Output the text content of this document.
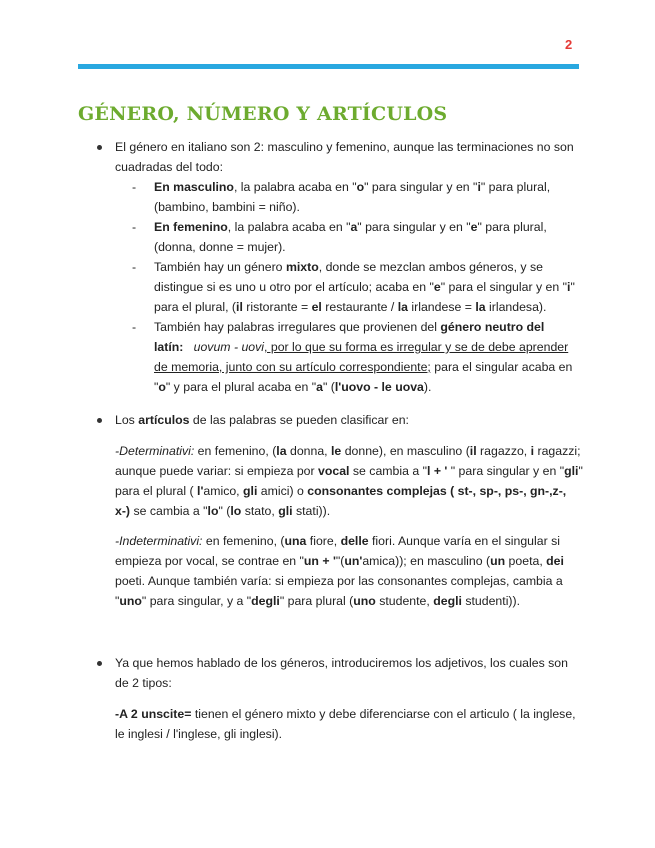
2
GÉNERO, NÚMERO Y ARTÍCULOS
El género en italiano son 2: masculino y femenino, aunque las terminaciones no son cuadradas del todo:
- En masculino, la palabra acaba en "o" para singular y en "i" para plural, (bambino, bambini = niño).
- En femenino, la palabra acaba en "a" para singular y en "e" para plural, (donna, donne = mujer).
- También hay un género mixto, donde se mezclan ambos géneros, y se distingue si es uno u otro por el artículo; acaba en "e" para el singular y en "i" para el plural, (il ristorante = el restaurante / la irlandese = la irlandesa).
- También hay palabras irregulares que provienen del género neutro del latín: uovum - uovi, por lo que su forma es irregular y se de debe aprender de memoria, junto con su artículo correspondiente; para el singular acaba en "o" y para el plural acaba en "a" (l'uovo - le uova).
Los artículos de las palabras se pueden clasificar en:

-Determinativi: en femenino, (la donna, le donne), en masculino (il ragazzo, i ragazzi; aunque puede variar: si empieza por vocal se cambia a "l + ' " para singular y en "gli" para el plural ( l'amico, gli amici) o consonantes complejas ( st-, sp-, ps-, gn-,z-, x-) se cambia a "lo" (lo stato, gli stati)).

-Indeterminativi: en femenino, (una fiore, delle fiori. Aunque varía en el singular si empieza por vocal, se contrae en "un + '"(un'amica)); en masculino (un poeta, dei poeti. Aunque también varía: si empieza por las consonantes complejas, cambia a "uno" para singular, y a "degli" para plural (uno studente, degli studenti)).

Ya que hemos hablado de los géneros, introduciremos los adjetivos, los cuales son de 2 tipos:

-A 2 unscite= tienen el género mixto y debe diferenciarse con el articulo ( la inglese, le inglesi / l'inglese, gli inglesi).
